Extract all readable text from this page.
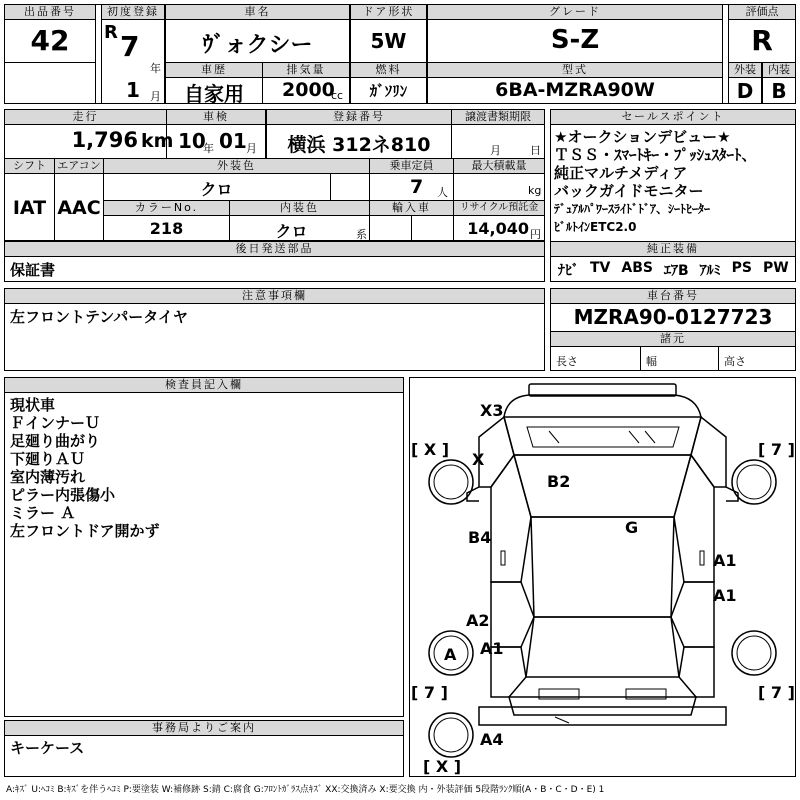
出品番号
42
初度登録
R 7
年
1 月
車名
ｳﾞォクシー
車歴
自家用
排気量
2000
cc
ドア形状
5W
燃料
ｶﾞｿﾘﾝ
グレード
S-Z
型式
6BA-MZRA90W
評価点
R
外装	内装
D B
走行
1,796 km
車検
10
年 01 月
登録番号
横浜 312ネ810
譲渡書類期限
月	日
シフト	エアコン
IAT AAC
外装色
クロ
乗車定員
7 人
最大積載量
kg
カラーNo.
218
内装色
クロ	系
輸入車	リサイクル預託金
14,040 円
後日発送部品
保証書
セールスポイント
★オークションデビュー★
ＴＳＳ・ｽﾏｰﾄｷｰ・ﾌﾟｯｼｭｽﾀｰﾄ、
純正マルチメディア
バックガイドモニター
ﾃﾞｭｱﾙﾊﾟﾜｰｽﾗｲﾄﾞﾄﾞｱ、ｼｰﾄﾋｰﾀｰ
ﾋﾞﾙﾄｲﾝETC2.0
純正装備
ﾅﾋﾞ TV ABS ｴｱB ｱﾙﾐ PS PW
注意事項欄
左フロントテンパータイヤ
車台番号
MZRA90-0127723
諸元
長さ	幅	高さ
検査員記入欄
現状車
ＦインナーＵ
足廻り曲がり
下廻りＡＵ
室内薄汚れ
ピラー内張傷小
ミラー Ａ
左フロントドア開かず
事務局よりご案内
キーケース
[ X ]	[ 7 ]
[ 7 ]	[ 7 ]
[ X ]
X3
X
B2
G
B4
A1
A1
A2
A1
A
A4
A:ｷｽﾞ U:ﾍｺﾐ B:ｷｽﾞを伴うﾍｺﾐ P:要塗装 W:補修跡 S:錆 C:腐食 G:ﾌﾛﾝﾄｶﾞﾗｽ点ｷｽﾞ XX:交換済み X:要交換 内・外装評価 5段階ﾗﾝｸ順(A・B・C・D・E) 1
